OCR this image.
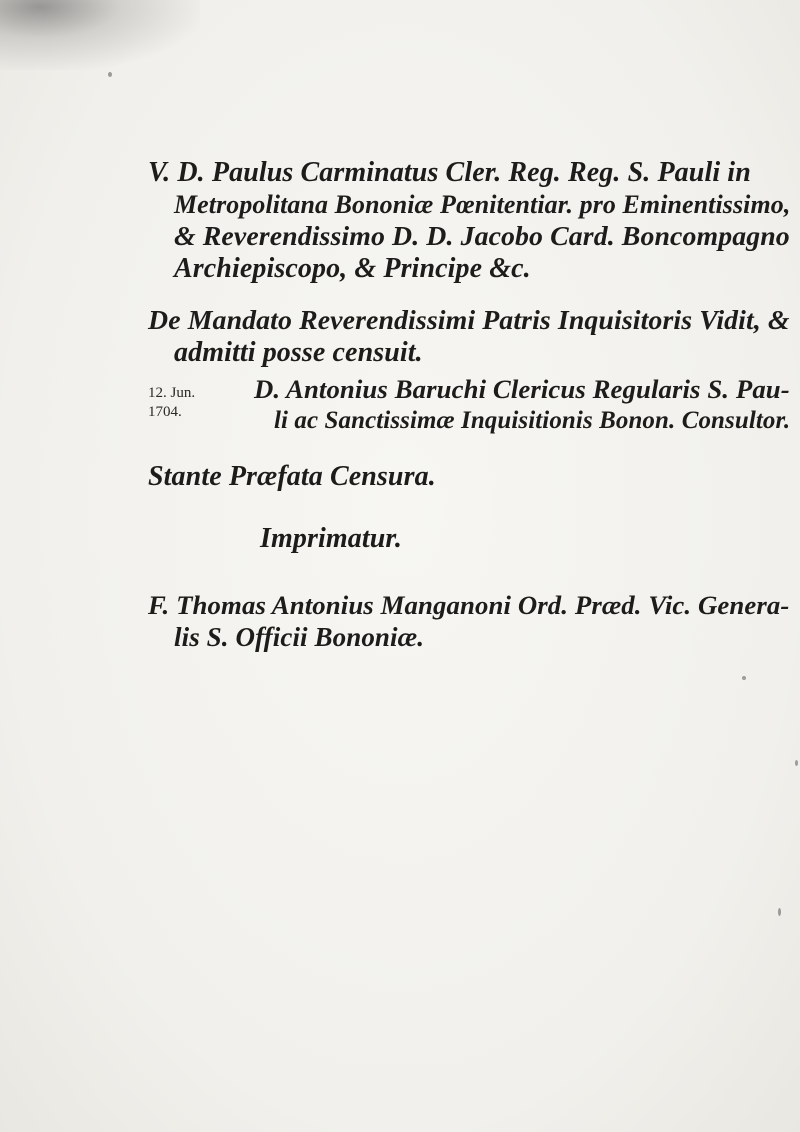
V. D. Paulus Carminatus Cler. Reg. Reg. S. Pauli in
Metropolitana Bononiæ Pœnitentiar. pro Eminentissimo,
& Reverendissimo D. D. Jacobo Card. Boncompagno
Archiepiscopo, & Principe &c.
De Mandato Reverendissimi Patris Inquisitoris Vidit, &
admitti posse censuit.
12. Jun.
1704.
D. Antonius Baruchi Clericus Regularis S. Pau-
li ac Sanctissimæ Inquisitionis Bonon. Consultor.
Stante Præfata Censura.
Imprimatur.
F. Thomas Antonius Manganoni Ord. Præd. Vic. Genera-
lis S. Officii Bononiæ.
